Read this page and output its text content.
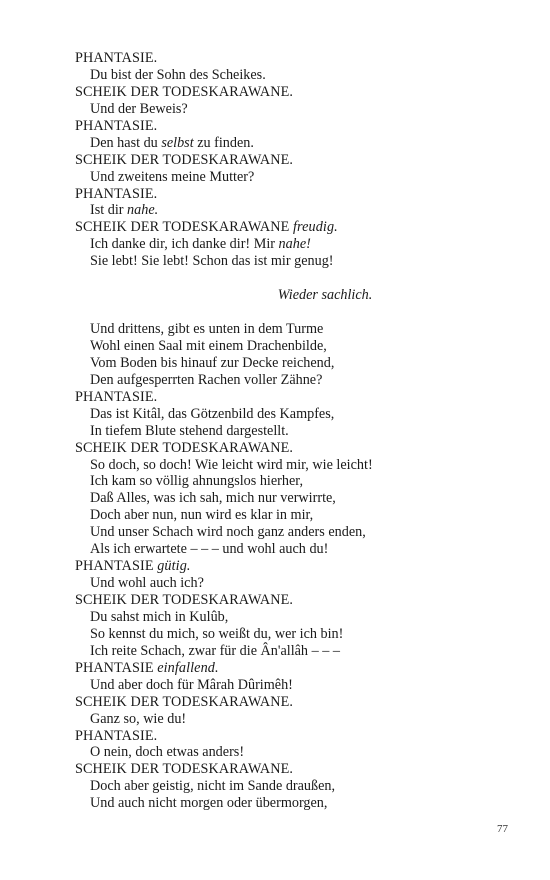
PHANTASIE.
Du bist der Sohn des Scheikes.
SCHEIK DER TODESKARAWANE.
Und der Beweis?
PHANTASIE.
Den hast du selbst zu finden.
SCHEIK DER TODESKARAWANE.
Und zweitens meine Mutter?
PHANTASIE.
Ist dir nahe.
SCHEIK DER TODESKARAWANE freudig.
Ich danke dir, ich danke dir! Mir nahe!
Sie lebt! Sie lebt! Schon das ist mir genug!
Wieder sachlich.
Und drittens, gibt es unten in dem Turme
Wohl einen Saal mit einem Drachenbilde,
Vom Boden bis hinauf zur Decke reichend,
Den aufgesperrten Rachen voller Zähne?
PHANTASIE.
Das ist Kitâl, das Götzenbild des Kampfes,
In tiefem Blute stehend dargestellt.
SCHEIK DER TODESKARAWANE.
So doch, so doch! Wie leicht wird mir, wie leicht!
Ich kam so völlig ahnungslos hierher,
Daß Alles, was ich sah, mich nur verwirrte,
Doch aber nun, nun wird es klar in mir,
Und unser Schach wird noch ganz anders enden,
Als ich erwartete – – – und wohl auch du!
PHANTASIE gütig.
Und wohl auch ich?
SCHEIK DER TODESKARAWANE.
Du sahst mich in Kulûb,
So kennst du mich, so weißt du, wer ich bin!
Ich reite Schach, zwar für die Ân'allâh – – –
PHANTASIE einfallend.
Und aber doch für Mârah Dûrimêh!
SCHEIK DER TODESKARAWANE.
Ganz so, wie du!
PHANTASIE.
O nein, doch etwas anders!
SCHEIK DER TODESKARAWANE.
Doch aber geistig, nicht im Sande draußen,
Und auch nicht morgen oder übermorgen,
77
